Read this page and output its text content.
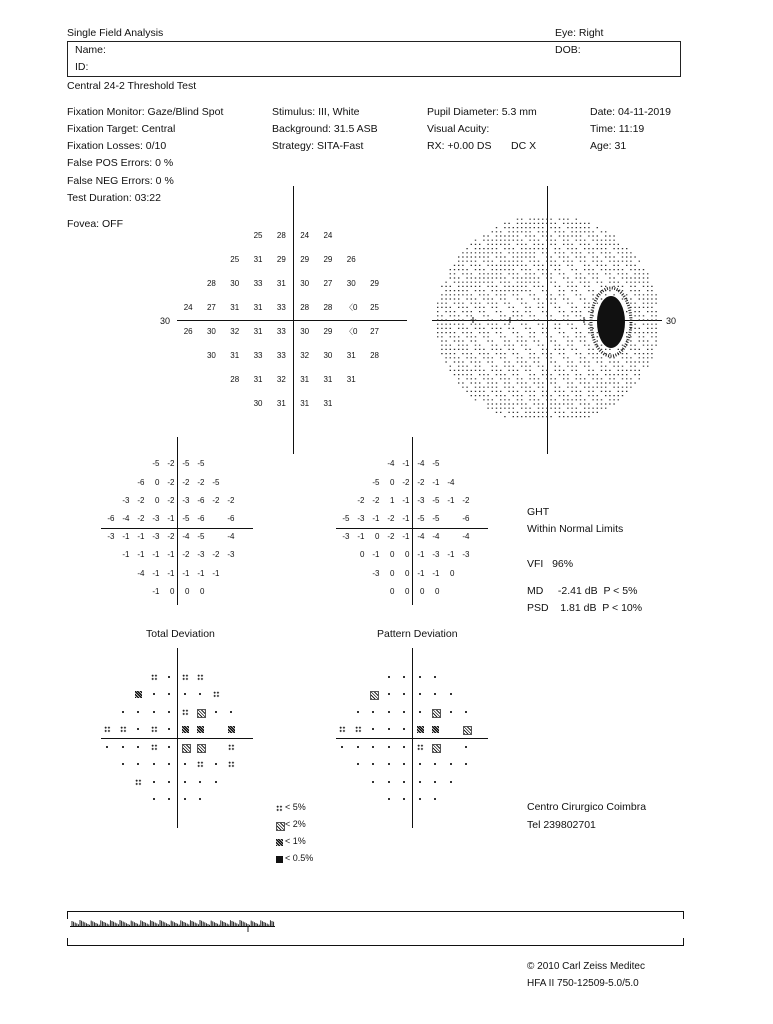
Single Field Analysis	Eye: Right
Name:	DOB:
ID:
Central 24-2 Threshold Test
Fixation Monitor: Gaze/Blind Spot
Fixation Target: Central
Fixation Losses: 0/10
False POS Errors: 0 %
False NEG Errors: 0 %
Test Duration: 03:22
Fovea: OFF
Stimulus: III, White
Background: 31.5 ASB
Strategy: SITA-Fast
Pupil Diameter: 5.3 mm
Visual Acuity:
RX: +0.00 DS DC X
Date: 04-11-2019
Time: 11:19
Age: 31
30
25	28	24	24
25	31	29	29	29	26
28	30	33	31	30	27	30	29
24	27	31	31	33	28	28	〈0	25
26	30	32	31	33	30	29	〈0	27
30	31	33	33	32	30	31	28
28	31	32	31	31	31
30	31	31	31
30
-5 -2 -5 -5
-6	0 -2 -2 -2 -5
-3 -2	0 -2 -3 -6 -2 -2
-6 -4 -2 -3 -1 -5 -6	-6
-3 -1 -1 -3 -2 -4 -5	-4
-1 -1 -1 -1 -2 -3 -2 -3
-4 -1 -1 -1 -1 -1
-1	0	0	0
-4 -1 -4 -5
-5	0 -2 -2 -1 -4
-2 -2	1 -1 -3 -5 -1 -2
-5 -3 -1 -2 -1 -5 -5	-6
-3 -1	0 -2 -1 -4 -4	-4
0 -1	0	0 -1 -3 -1 -3
-3	0	0 -1 -1	0
0	0	0	0
Total Deviation	Pattern Deviation
GHT
Within Normal Limits
VFI   96%
MD     -2.41 dB  P < 5%
PSD    1.81 dB  P < 10%
< 5%
< 2%
< 1%
< 0.5%
Centro Cirurgico Coimbra
Tel 239802701
© 2010 Carl Zeiss Meditec
HFA II 750-12509-5.0/5.0
